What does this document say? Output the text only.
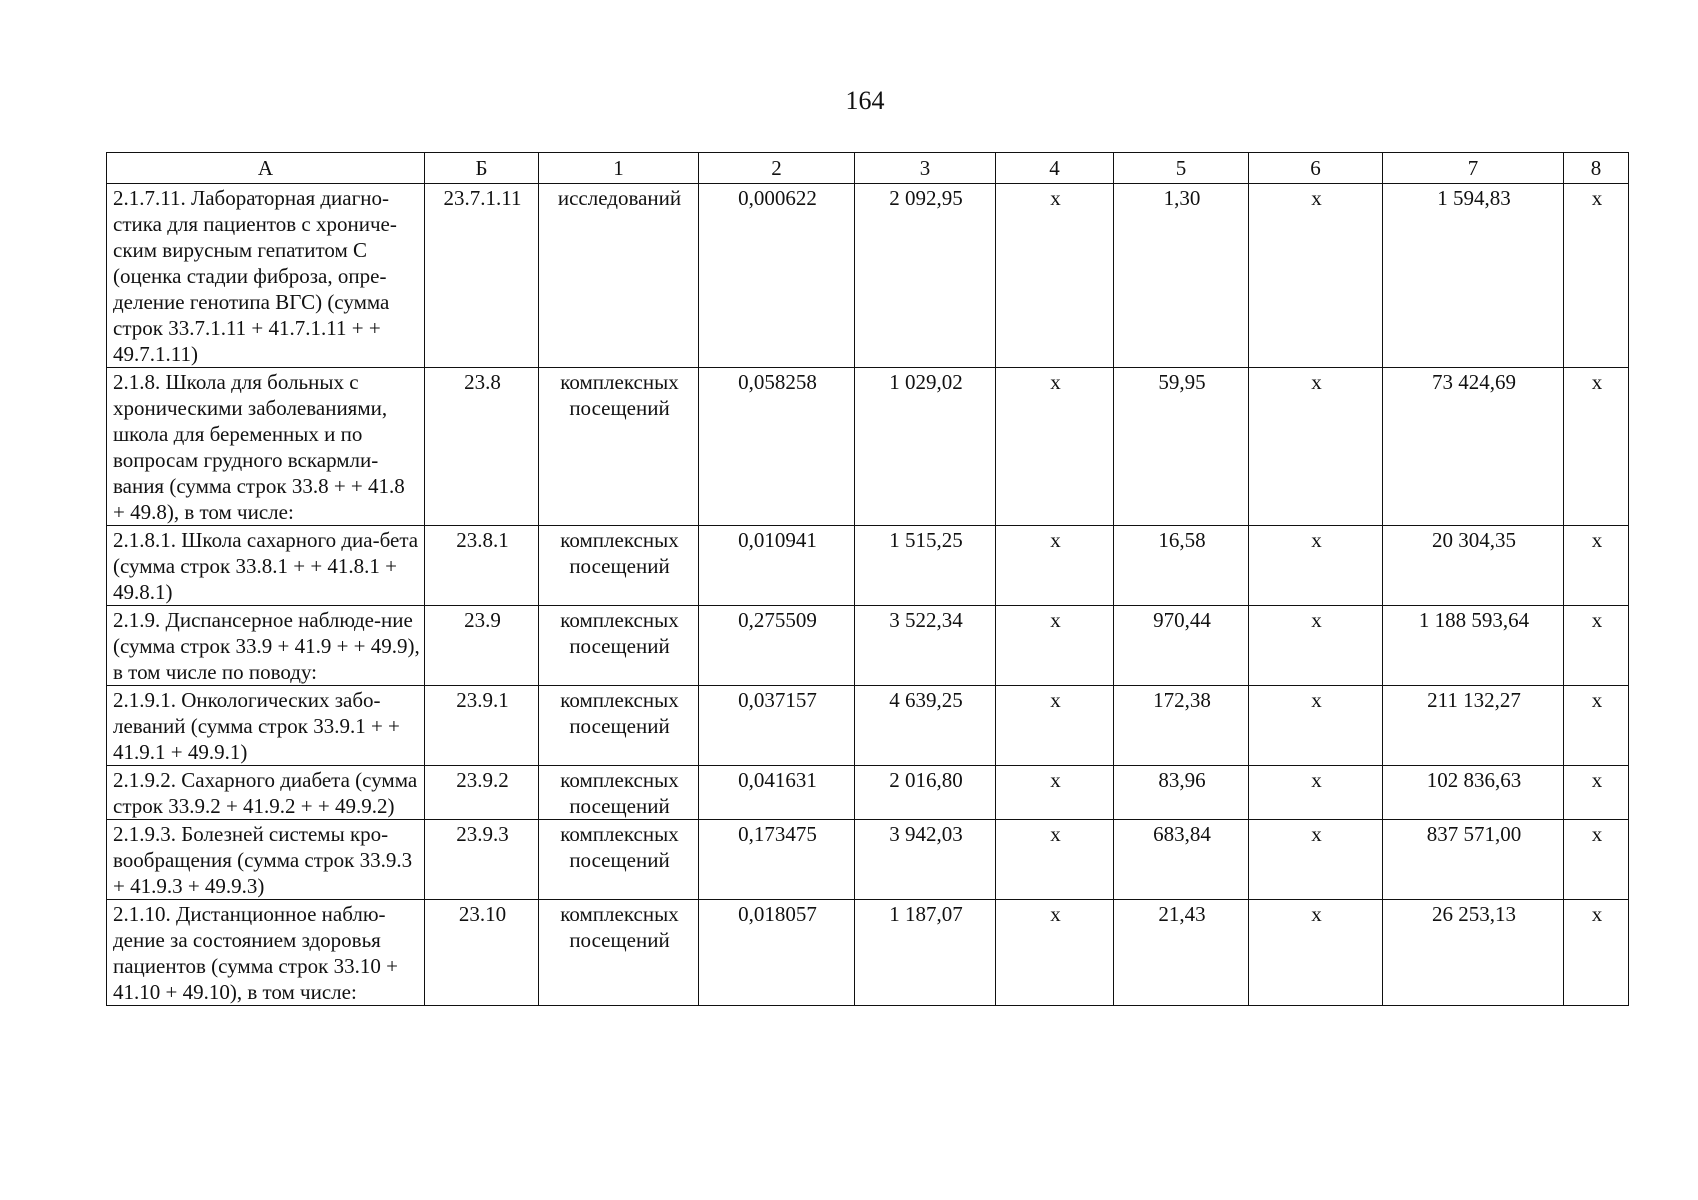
164
А	Б	1	2	3	4	5	6	7	8
2.1.7.11. Лабораторная диагно-стика для пациентов с хрониче-ским вирусным гепатитом С (оценка стадии фиброза, опре-деление генотипа ВГС) (сумма строк 33.7.1.11 + 41.7.1.11 + + 49.7.1.11)	23.7.1.11	исследований	0,000622	2 092,95	х	1,30	х	1 594,83	х
2.1.8. Школа для больных с хроническими заболеваниями, школа для беременных и по вопросам грудного вскармли-вания (сумма строк 33.8 + + 41.8 + 49.8), в том числе:	23.8	комплексных посещений	0,058258	1 029,02	х	59,95	х	73 424,69	х
2.1.8.1. Школа сахарного диа-бета (сумма строк 33.8.1 + + 41.8.1 + 49.8.1)	23.8.1	комплексных посещений	0,010941	1 515,25	х	16,58	х	20 304,35	х
2.1.9. Диспансерное наблюде-ние (сумма строк 33.9 + 41.9 + + 49.9), в том числе по поводу:	23.9	комплексных посещений	0,275509	3 522,34	х	970,44	х	1 188 593,64	х
2.1.9.1. Онкологических забо-леваний (сумма строк 33.9.1 + + 41.9.1 + 49.9.1)	23.9.1	комплексных посещений	0,037157	4 639,25	х	172,38	х	211 132,27	х
2.1.9.2. Сахарного диабета (сумма строк 33.9.2 + 41.9.2 + + 49.9.2)	23.9.2	комплексных посещений	0,041631	2 016,80	х	83,96	х	102 836,63	х
2.1.9.3. Болезней системы кро-вообращения (сумма строк 33.9.3 + 41.9.3 + 49.9.3)	23.9.3	комплексных посещений	0,173475	3 942,03	х	683,84	х	837 571,00	х
2.1.10. Дистанционное наблю-дение за состоянием здоровья пациентов (сумма строк 33.10 + 41.10 + 49.10), в том числе:	23.10	комплексных посещений	0,018057	1 187,07	х	21,43	х	26 253,13	х
